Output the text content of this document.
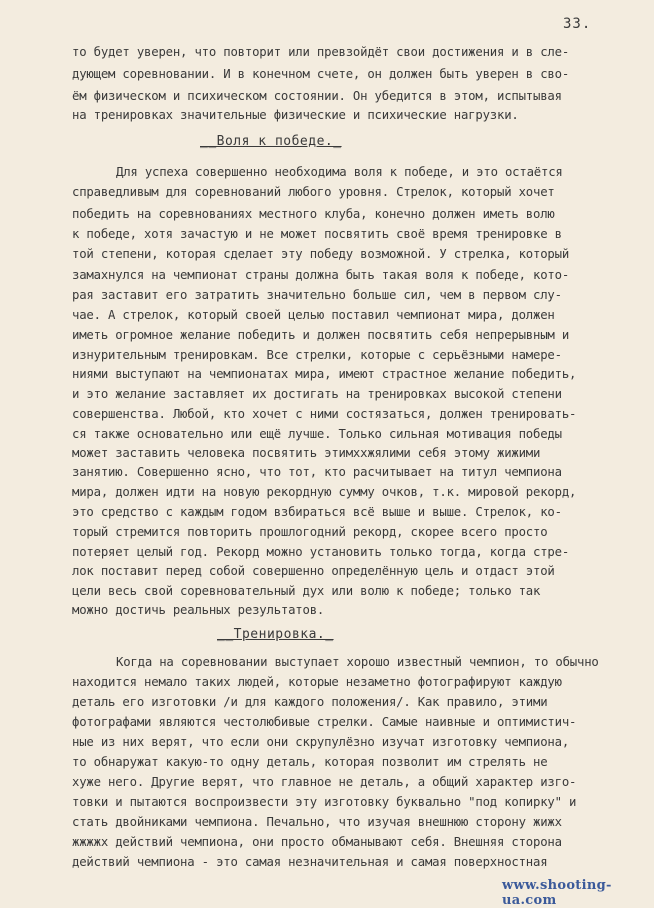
33.
то будет уверен, что повторит или превзойдёт свои достижения и в сле-
дующем соревновании. И в конечном счете, он должен быть уверен в сво-
ём физическом и психическом состоянии. Он убедится в этом, испытывая
на тренировках значительные физические и психические нагрузки.
__Воля к победе._
Для успеха совершенно необходима воля к победе, и это остаётся
справедливым для соревнований любого уровня. Стрелок, который хочет
победить на соревнованиях местного клуба, конечно должен иметь волю
к победе, хотя зачастую и не может посвятить своё время тренировке в
той степени, которая сделает эту победу возможной. У стрелка, который
замахнулся на чемпионат страны должна быть такая воля к победе, кото-
рая заставит его затратить значительно больше сил, чем в первом слу-
чае. А стрелок, который своей целью поставил чемпионат мира, должен
иметь огромное желание победить и должен посвятить себя непрерывным и
изнурительным тренировкам. Все стрелки, которые с серьёзными намере-
ниями выступают на чемпионатах мира, имеют страстное желание победить,
и это желание заставляет их достигать на тренировках высокой степени
совершенства. Любой, кто хочет с ними состязаться, должен тренировать-
ся также основательно или ещё лучше. Только сильная мотивация победы
может заставить человека посвятить этимххжялими себя этому жижими
занятию. Совершенно ясно, что тот, кто расчитывает на титул чемпиона
мира, должен идти на новую рекордную сумму очков, т.к. мировой рекорд,
это средство с каждым годом взбираться всё выше и выше. Стрелок, ко-
торый стремится повторить прошлогодний рекорд, скорее всего просто
потеряет целый год. Рекорд можно установить только тогда, когда стре-
лок поставит перед собой совершенно определённую цель и отдаст этой
цели весь свой соревновательный дух или волю к победе; только так
можно достичь реальных результатов.
__Тренировка._
Когда на соревновании выступает хорошо известный чемпион, то обычно
находится немало таких людей, которые незаметно фотографируют каждую
деталь его изготовки /и для каждого положения/. Как правило, этими
фотографами являются честолюбивые стрелки. Самые наивные и оптимистич-
ные из них верят, что если они скрупулёзно изучат изготовку чемпиона,
то обнаружат какую-то одну деталь, которая позволит им стрелять не
хуже него. Другие верят, что главное не деталь, а общий характер изго-
товки и пытаются воспроизвести эту изготовку буквально "под копирку" и
стать двойниками чемпиона. Печально, что изучая внешнюю сторону жижх
жжжжх действий чемпиона, они просто обманывают себя. Внешняя сторона
действий чемпиона - это самая незначительная и самая поверхностная
www.shooting-ua.com
